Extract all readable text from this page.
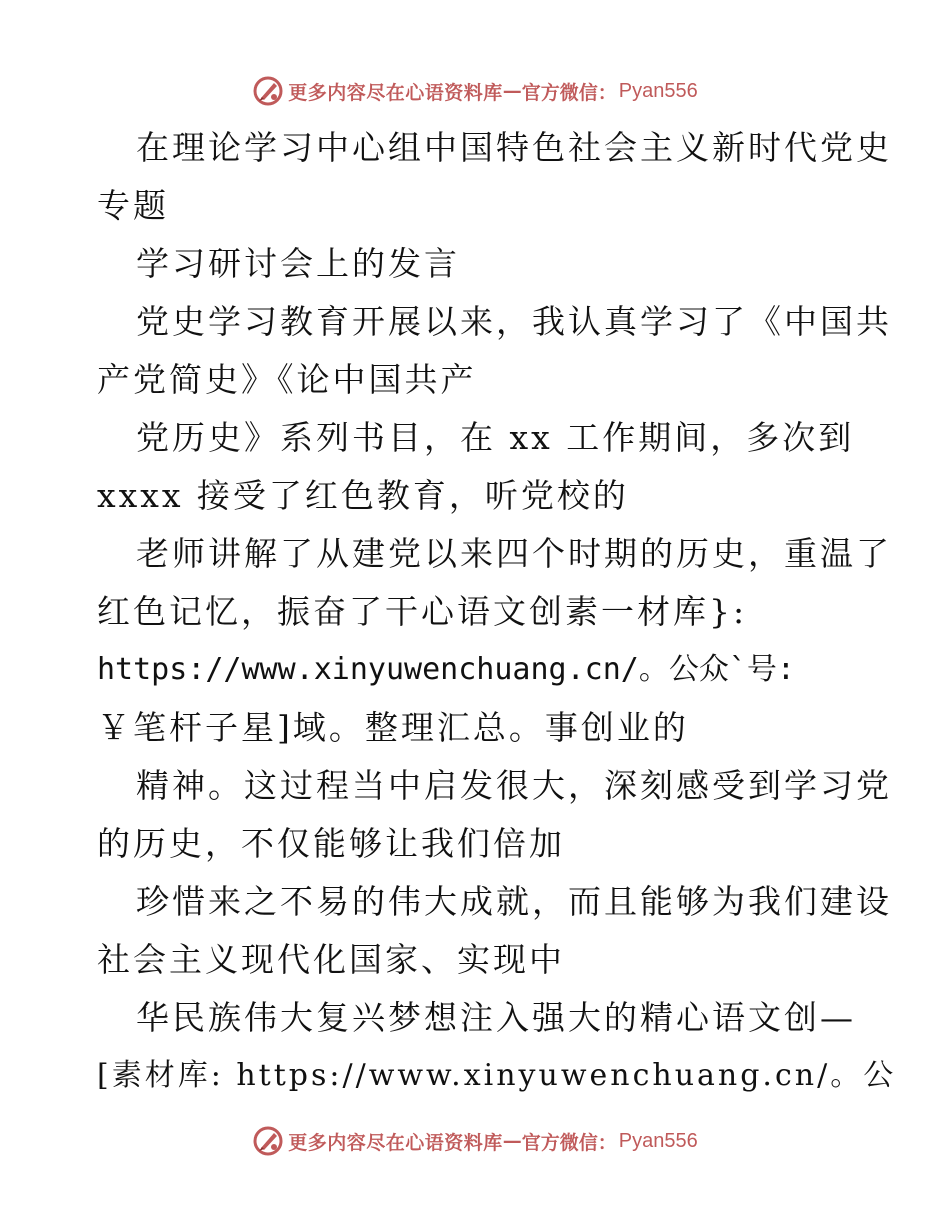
更多内容尽在心语资料库 — 官方微信： Pyan556
在理论学习中心组中国特色社会主义新时代党史
专题
学习研讨会上的发言
党史学习教育开展以来，我认真学习了《中国共
产党简史》《论中国共产
党历史》系列书目，在 xx 工作期间，多次到
xxxx 接受了红色教育，听党校的
老师讲解了从建党以来四个时期的历史，重温了
红色记忆，振奋了干心语文创素一材库}:
https://www.xinyuwenchuang.cn/。公众`号:
￥笔杆子星]域。整理汇总。事创业的
精神。这过程当中启发很大，深刻感受到学习党
的历史，不仅能够让我们倍加
珍惜来之不易的伟大成就，而且能够为我们建设
社会主义现代化国家、实现中
华民族伟大复兴梦想注入强大的精心语文创—
[素材库: https://www.xinyuwenchuang.cn/。公
更多内容尽在心语资料库 — 官方微信： Pyan556
